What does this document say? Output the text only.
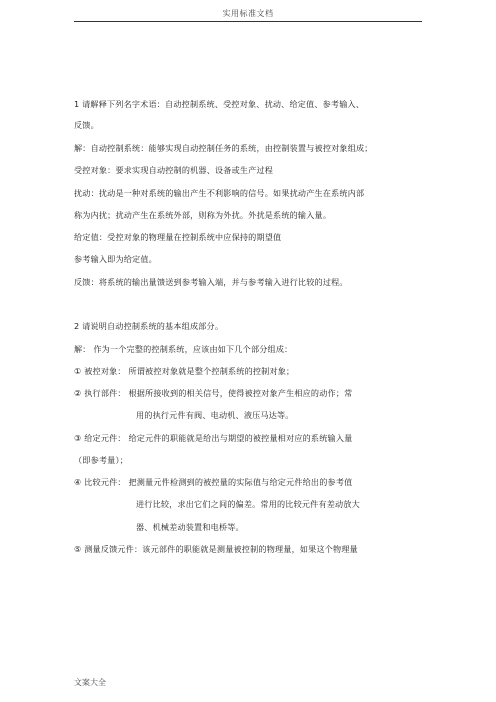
实用标准文档
1 请解释下列名字术语：自动控制系统、受控对象、扰动、给定值、参考输入、
反馈。
解：自动控制系统：能够实现自动控制任务的系统，由控制装置与被控对象组成；
受控对象：要求实现自动控制的机器、设备或生产过程
扰动：扰动是一种对系统的输出产生不利影响的信号。如果扰动产生在系统内部
称为内扰；扰动产生在系统外部，则称为外扰。外扰是系统的输入量。
给定值：受控对象的物理量在控制系统中应保持的期望值
参考输入即为给定值。
反馈：将系统的输出量馈送到参考输入端，并与参考输入进行比较的过程。
2 请说明自动控制系统的基本组成部分。
解： 作为一个完整的控制系统，应该由如下几个部分组成：
① 被控对象： 所谓被控对象就是整个控制系统的控制对象；
② 执行部件： 根据所接收到的相关信号，使得被控对象产生相应的动作；常
用的执行元件有阀、电动机、液压马达等。
③ 给定元件： 给定元件的职能就是给出与期望的被控量相对应的系统输入量
（即参考量）；
④ 比较元件： 把测量元件检测到的被控量的实际值与给定元件给出的参考值
进行比较，求出它们之间的偏差。常用的比较元件有差动放大
器、机械差动装置和电桥等。
⑤ 测量反馈元件：该元部件的职能就是测量被控制的物理量，如果这个物理量
文案大全
